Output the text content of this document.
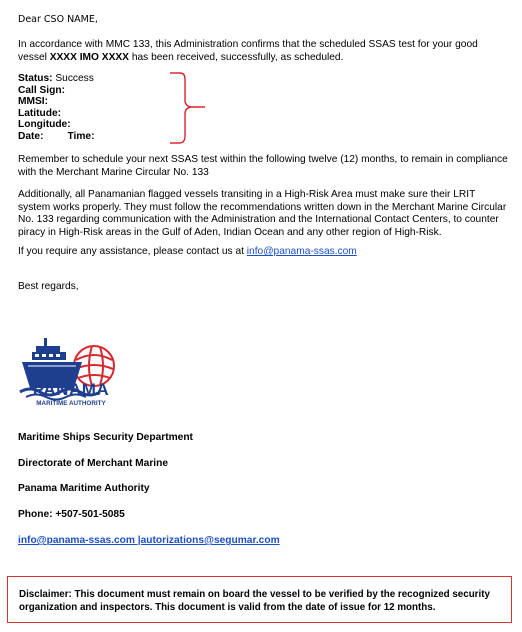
Dear CSO NAME,

In accordance with MMC 133, this Administration confirms that the scheduled SSAS test for your good vessel XXXX IMO XXXX has been received, successfully, as scheduled.

Status: Success
Call Sign:
MMSI:
Latitude:
Longitude:
Date: Time:

Remember to schedule your next SSAS test within the following twelve (12) months, to remain in compliance with the Merchant Marine Circular No. 133

Additionally, all Panamanian flagged vessels transiting in a High-Risk Area must make sure their LRIT system works properly. They must follow the recommendations written down in the Merchant Marine Circular No. 133 regarding communication with the Administration and the International Contact Centers, to counter piracy in High-Risk areas in the Gulf of Aden, Indian Ocean and any other region of High-Risk.

If you require any assistance, please contact us at info@panama-ssas.com

Best regards,

PANAMA
MARITIME AUTHORITY
Maritime Ships Security Department
Directorate of Merchant Marine
Panama Maritime Authority
Phone: +507-501-5085
info@panama-ssas.com |autorizations@segumar.com

Disclaimer: This document must remain on board the vessel to be verified by the recognized security organization and inspectors. This document is valid from the date of issue for 12 months.
